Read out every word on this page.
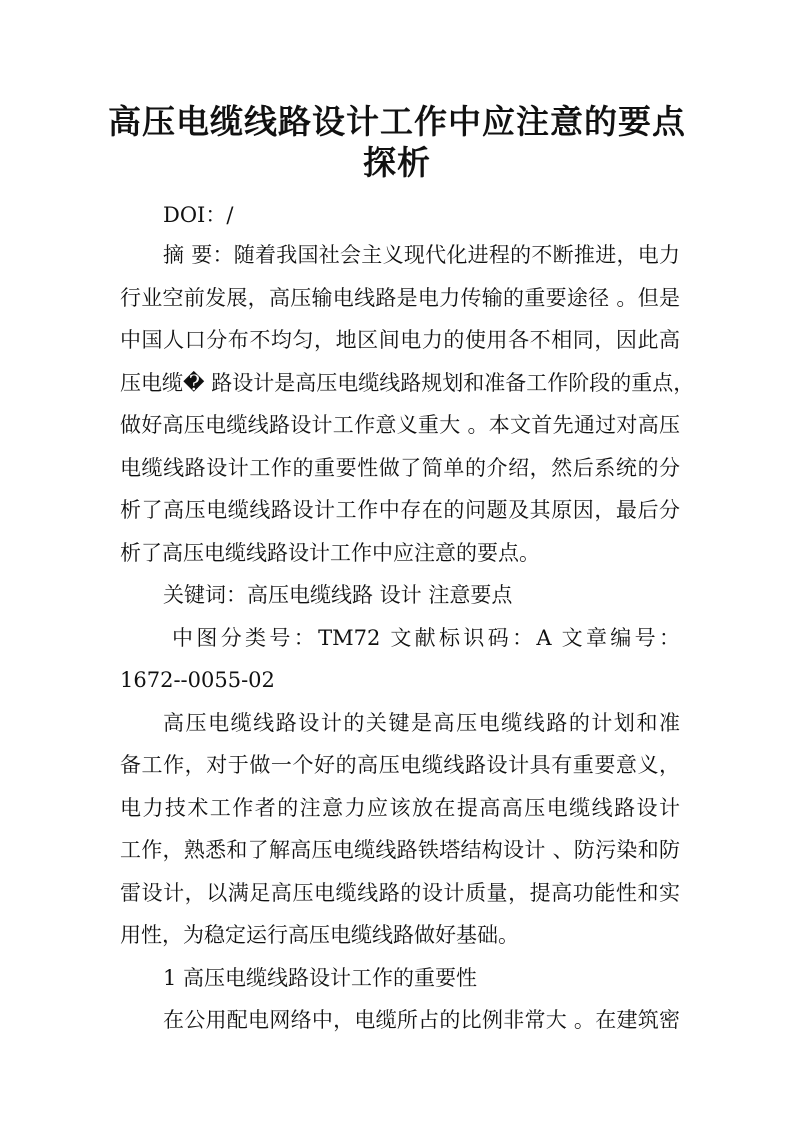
高压电缆线路设计工作中应注意的要点
探析
DOI：/
摘 要：随着我国社会主义现代化进程的不断推进，电力
行业空前发展，高压输电线路是电力传输的重要途径 。但是
中国人口分布不均匀，地区间电力的使用各不相同，因此高
压电缆� 路设计是高压电缆线路规划和准备工作阶段的重点，
做好高压电缆线路设计工作意义重大 。本文首先通过对高压
电缆线路设计工作的重要性做了简单的介绍，然后系统的分
析了高压电缆线路设计工作中存在的问题及其原因，最后分
析了高压电缆线路设计工作中应注意的要点。
关键词：高压电缆线路 设计 注意要点
中图分类号：TM72 文献标识码：A 文章编号：
1672--0055-02
高压电缆线路设计的关键是高压电缆线路的计划和准
备工作，对于做一个好的高压电缆线路设计具有重要意义，
电力技术工作者的注意力应该放在提高高压电缆线路设计
工作，熟悉和了解高压电缆线路铁塔结构设计 、防污染和防
雷设计，以满足高压电缆线路的设计质量，提高功能性和实
用性，为稳定运行高压电缆线路做好基础。
1 高压电缆线路设计工作的重要性
在公用配电网络中，电缆所占的比例非常大 。在建筑密
